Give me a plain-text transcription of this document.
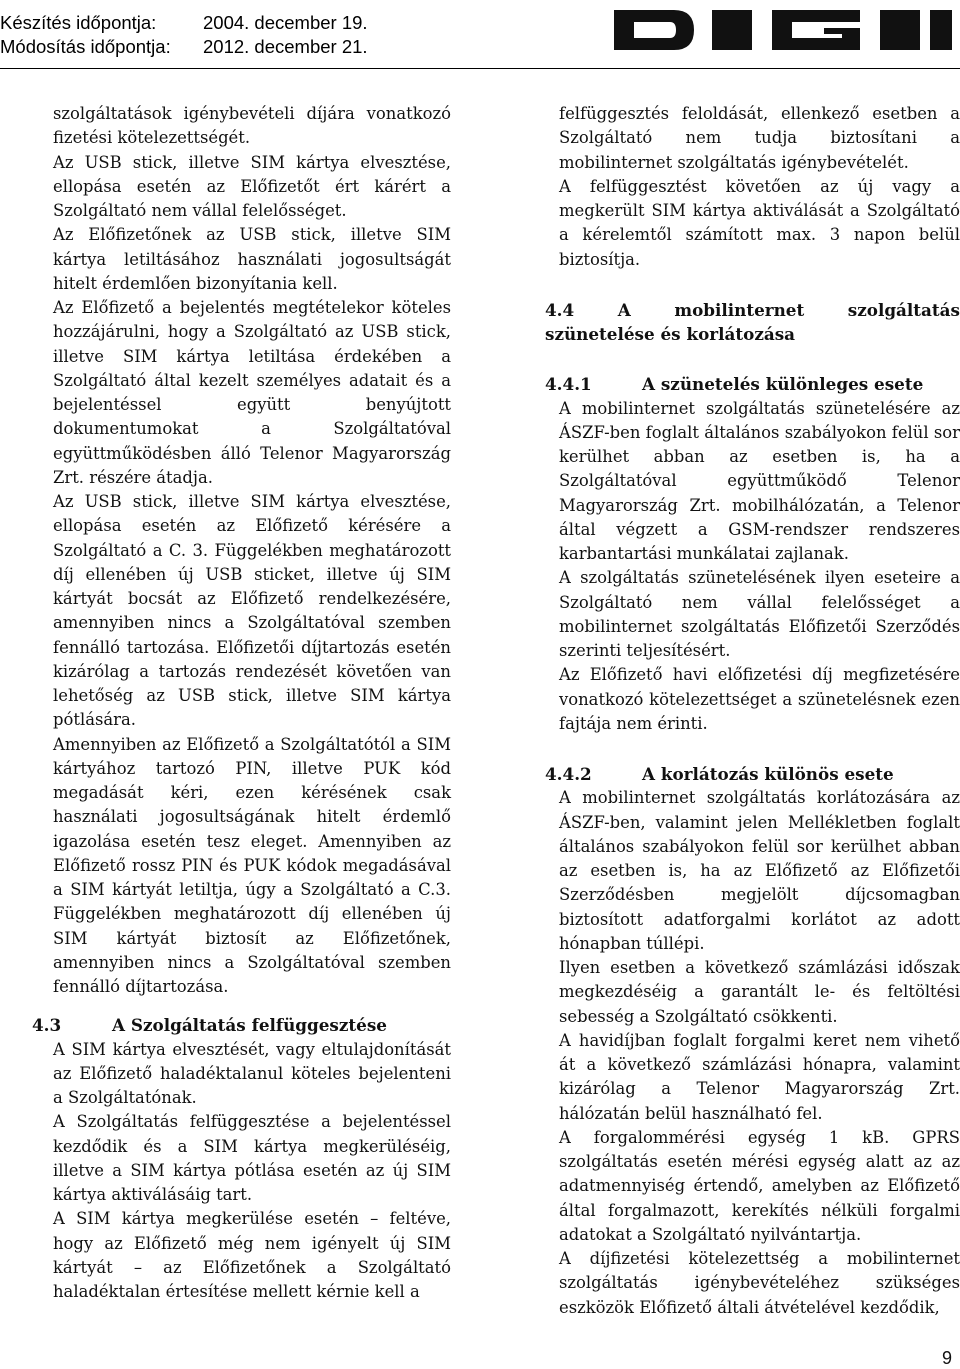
Készítés időpontja:	2004. december 19.
Módosítás időpontja: 2012. december 21.

szolgáltatások igénybevételi díjára vonatkozó fizetési kötelezettségét.

Az USB stick, illetve SIM kártya elvesztése, ellopása esetén az Előfizetőt ért kárért a Szolgáltató nem vállal felelősséget.

Az Előfizetőnek az USB stick, illetve SIM kártya letiltásához használati jogosultságát hitelt érdemlően bizonyítania kell.

Az Előfizető a bejelentés megtételekor köteles hozzájárulni, hogy a Szolgáltató az USB stick, illetve SIM kártya letiltása érdekében a Szolgáltató által kezelt személyes adatait és a bejelentéssel együtt benyújtott dokumentumokat a Szolgáltatóval együttműködésben álló Telenor Magyarország Zrt. részére átadja.

Az USB stick, illetve SIM kártya elvesztése, ellopása esetén az Előfizető kérésére a Szolgáltató a C. 3. Függelékben meghatározott díj ellenében új USB sticket, illetve új SIM kártyát bocsát az Előfizető rendelkezésére, amennyiben nincs a Szolgáltatóval szemben fennálló tartozása. Előfizetői díjtartozás esetén kizárólag a tartozás rendezését követően van lehetőség az USB stick, illetve SIM kártya pótlására.

Amennyiben az Előfizető a Szolgáltatótól a SIM kártyához tartozó PIN, illetve PUK kód megadását kéri, ezen kérésének csak használati jogosultságának hitelt érdemlő igazolása esetén tesz eleget. Amennyiben az Előfizető rossz PIN és PUK kódok megadásával a SIM kártyát letiltja, úgy a Szolgáltató a C.3. Függelékben meghatározott díj ellenében új SIM kártyát biztosít az Előfizetőnek, amennyiben nincs a Szolgáltatóval szemben fennálló díjtartozása.

4.3	A Szolgáltatás felfüggesztése

A SIM kártya elvesztését, vagy eltulajdonítását az Előfizető haladéktalanul köteles bejelenteni a Szolgáltatónak.

A Szolgáltatás felfüggesztése a bejelentéssel kezdődik és a SIM kártya megkerüléséig, illetve a SIM kártya pótlása esetén az új SIM kártya aktiválásáig tart.

A SIM kártya megkerülése esetén – feltéve, hogy az Előfizető még nem igényelt új SIM kártyát – az Előfizetőnek a Szolgáltató haladéktalan értesítése mellett kérnie kell a

felfüggesztés feloldását, ellenkező esetben a Szolgáltató nem tudja biztosítani a mobilinternet szolgáltatás igénybevételét.

A felfüggesztést követően az új vagy a megkerült SIM kártya aktiválását a Szolgáltató a kérelemtől számított max. 3 napon belül biztosítja.

4.4 A mobilinternet szolgáltatás szünetelése és korlátozása

4.4.1	A szünetelés különleges esete

A mobilinternet szolgáltatás szünetelésére az ÁSZF-ben foglalt általános szabályokon felül sor kerülhet abban az esetben is, ha a Szolgáltatóval együttműködő Telenor Magyarország Zrt. mobilhálózatán, a Telenor által végzett a GSM-rendszer rendszeres karbantartási munkálatai zajlanak.

A szolgáltatás szünetelésének ilyen eseteire a Szolgáltató nem vállal felelősséget a mobilinternet szolgáltatás Előfizetői Szerződés szerinti teljesítésért.

Az Előfizető havi előfizetési díj megfizetésére vonatkozó kötelezettséget a szünetelésnek ezen fajtája nem érinti.

4.4.2	A korlátozás különös esete

A mobilinternet szolgáltatás korlátozására az ÁSZF-ben, valamint jelen Mellékletben foglalt általános szabályokon felül sor kerülhet abban az esetben is, ha az Előfizető az Előfizetői Szerződésben megjelölt díjcsomagban biztosított adatforgalmi korlátot az adott hónapban túllépi.

Ilyen esetben a következő számlázási időszak megkezdéséig a garantált le- és feltöltési sebesség a Szolgáltató csökkenti.

A havidíjban foglalt forgalmi keret nem vihető át a következő számlázási hónapra, valamint kizárólag a Telenor Magyarország Zrt. hálózatán belül használható fel.

A forgalommérési egység 1 kB. GPRS szolgáltatás esetén mérési egység alatt az az adatmennyiség értendő, amelyben az Előfizető által forgalmazott, kerekítés nélküli forgalmi adatokat a Szolgáltató nyilvántartja.

A díjfizetési kötelezettség a mobilinternet szolgáltatás igénybevételéhez szükséges eszközök Előfizető általi átvételével kezdődik,

9
